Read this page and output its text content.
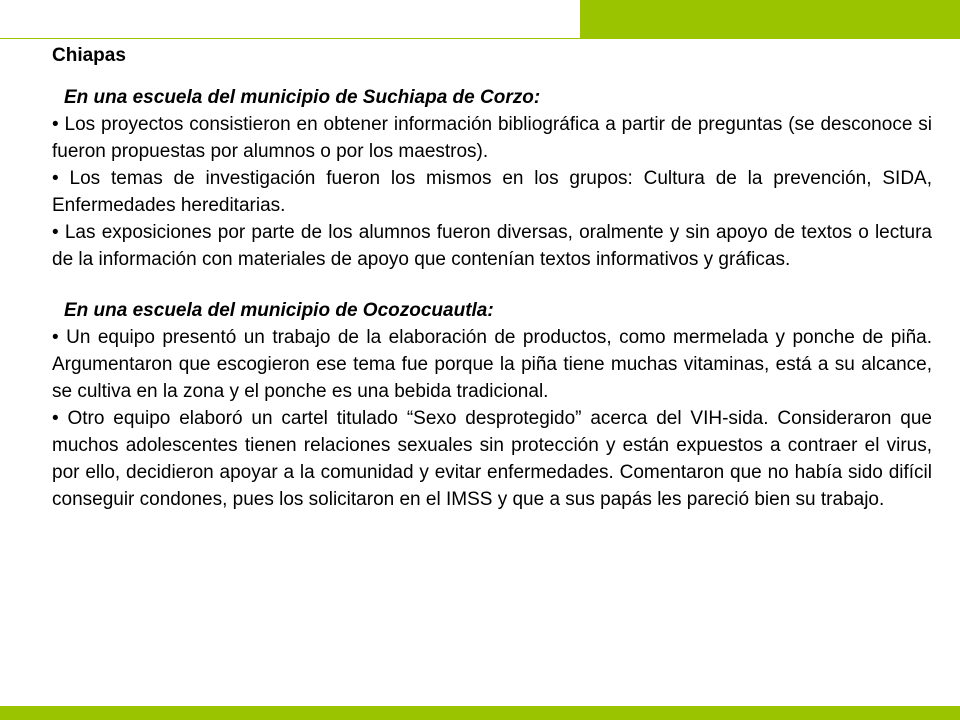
Chiapas

En una escuela del municipio de Suchiapa de Corzo:

• Los proyectos consistieron en obtener información bibliográfica a partir de preguntas (se desconoce si fueron propuestas por alumnos o por los maestros).

• Los temas de investigación fueron los mismos en los grupos: Cultura de la prevención, SIDA, Enfermedades hereditarias.

• Las exposiciones por parte de los alumnos fueron diversas, oralmente y sin apoyo de textos o lectura de la información con materiales de apoyo que contenían textos informativos y gráficas.

En una escuela del municipio de Ocozocuautla:

• Un equipo presentó un trabajo de la elaboración de productos, como mermelada y ponche de piña. Argumentaron que escogieron ese tema fue porque la piña tiene muchas vitaminas, está a su alcance, se cultiva en la zona y el ponche es una bebida tradicional.

• Otro equipo elaboró un cartel titulado “Sexo desprotegido” acerca del VIH-sida. Consideraron que muchos adolescentes tienen relaciones sexuales sin protección y están expuestos a contraer el virus, por ello, decidieron apoyar a la comunidad y evitar enfermedades. Comentaron que no había sido difícil conseguir condones, pues los solicitaron en el IMSS y que a sus papás les pareció bien su trabajo.
